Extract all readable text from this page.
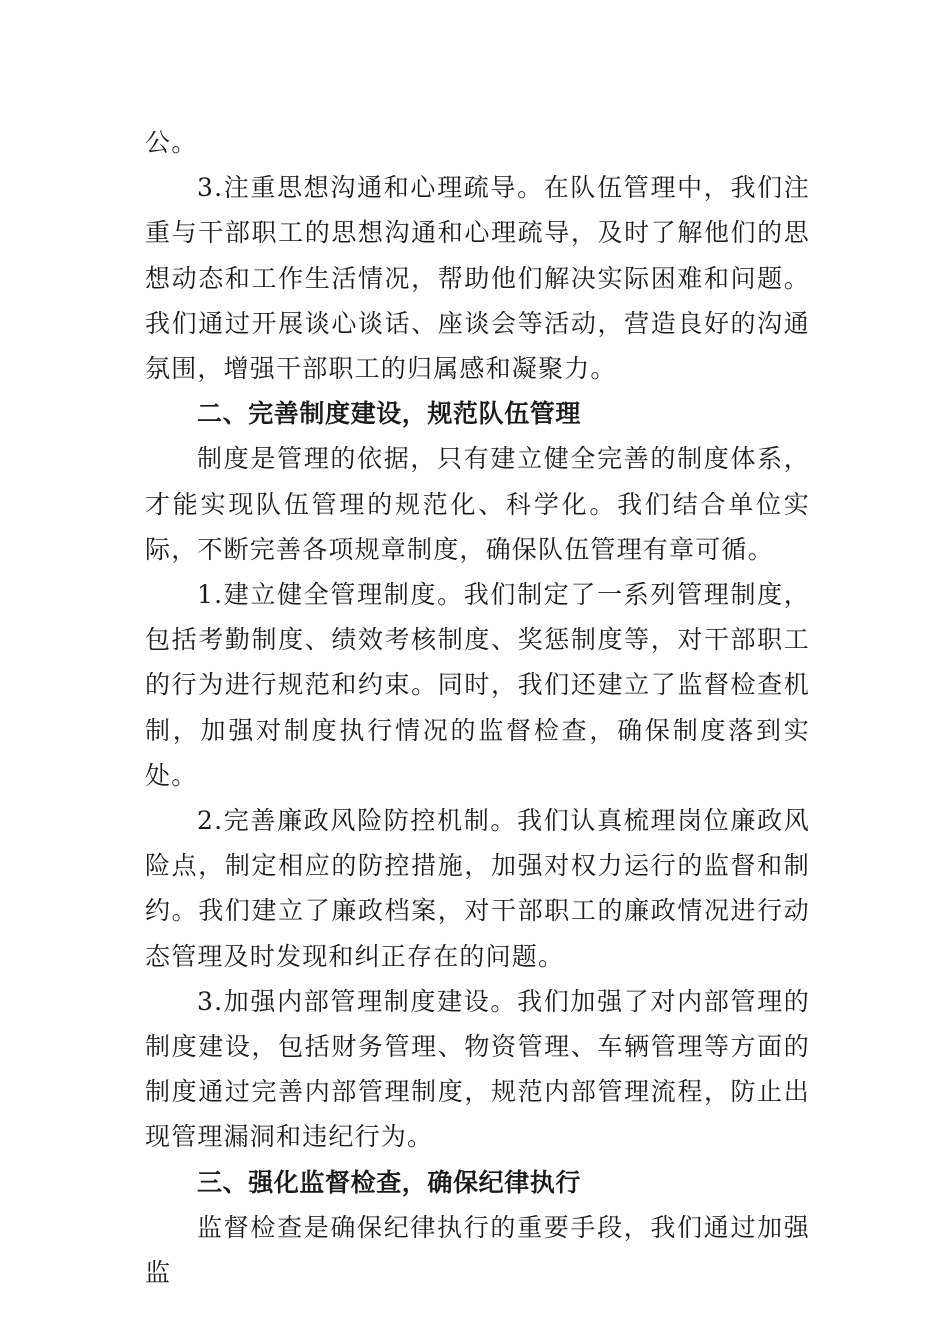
公。

3.注重思想沟通和心理疏导。在队伍管理中，我们注重与干部职工的思想沟通和心理疏导，及时了解他们的思想动态和工作生活情况，帮助他们解决实际困难和问题。我们通过开展谈心谈话、座谈会等活动，营造良好的沟通氛围，增强干部职工的归属感和凝聚力。

二、完善制度建设，规范队伍管理

制度是管理的依据，只有建立健全完善的制度体系，才能实现队伍管理的规范化、科学化。我们结合单位实际，不断完善各项规章制度，确保队伍管理有章可循。

1.建立健全管理制度。我们制定了一系列管理制度，包括考勤制度、绩效考核制度、奖惩制度等，对干部职工的行为进行规范和约束。同时，我们还建立了监督检查机制，加强对制度执行情况的监督检查，确保制度落到实处。

2.完善廉政风险防控机制。我们认真梳理岗位廉政风险点，制定相应的防控措施，加强对权力运行的监督和制约。我们建立了廉政档案，对干部职工的廉政情况进行动态管理及时发现和纠正存在的问题。

3.加强内部管理制度建设。我们加强了对内部管理的制度建设，包括财务管理、物资管理、车辆管理等方面的制度通过完善内部管理制度，规范内部管理流程，防止出现管理漏洞和违纪行为。

三、强化监督检查，确保纪律执行

监督检查是确保纪律执行的重要手段，我们通过加强监
